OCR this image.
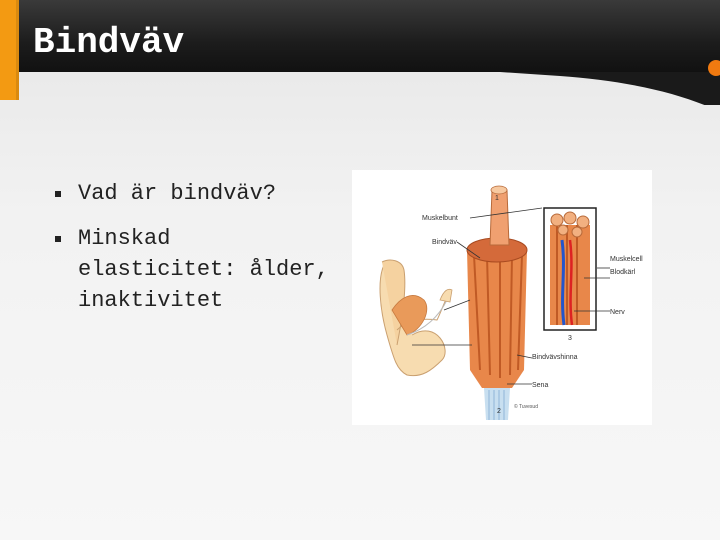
Bindväv
Vad är bindväv?
Minskad elasticitet: ålder, inaktivitet
1
2
3
Muskelbunt
Bindväv
Muskelcell
Blodkärl
Nerv
Bindvävshinna
Sena
© Tuvesud
